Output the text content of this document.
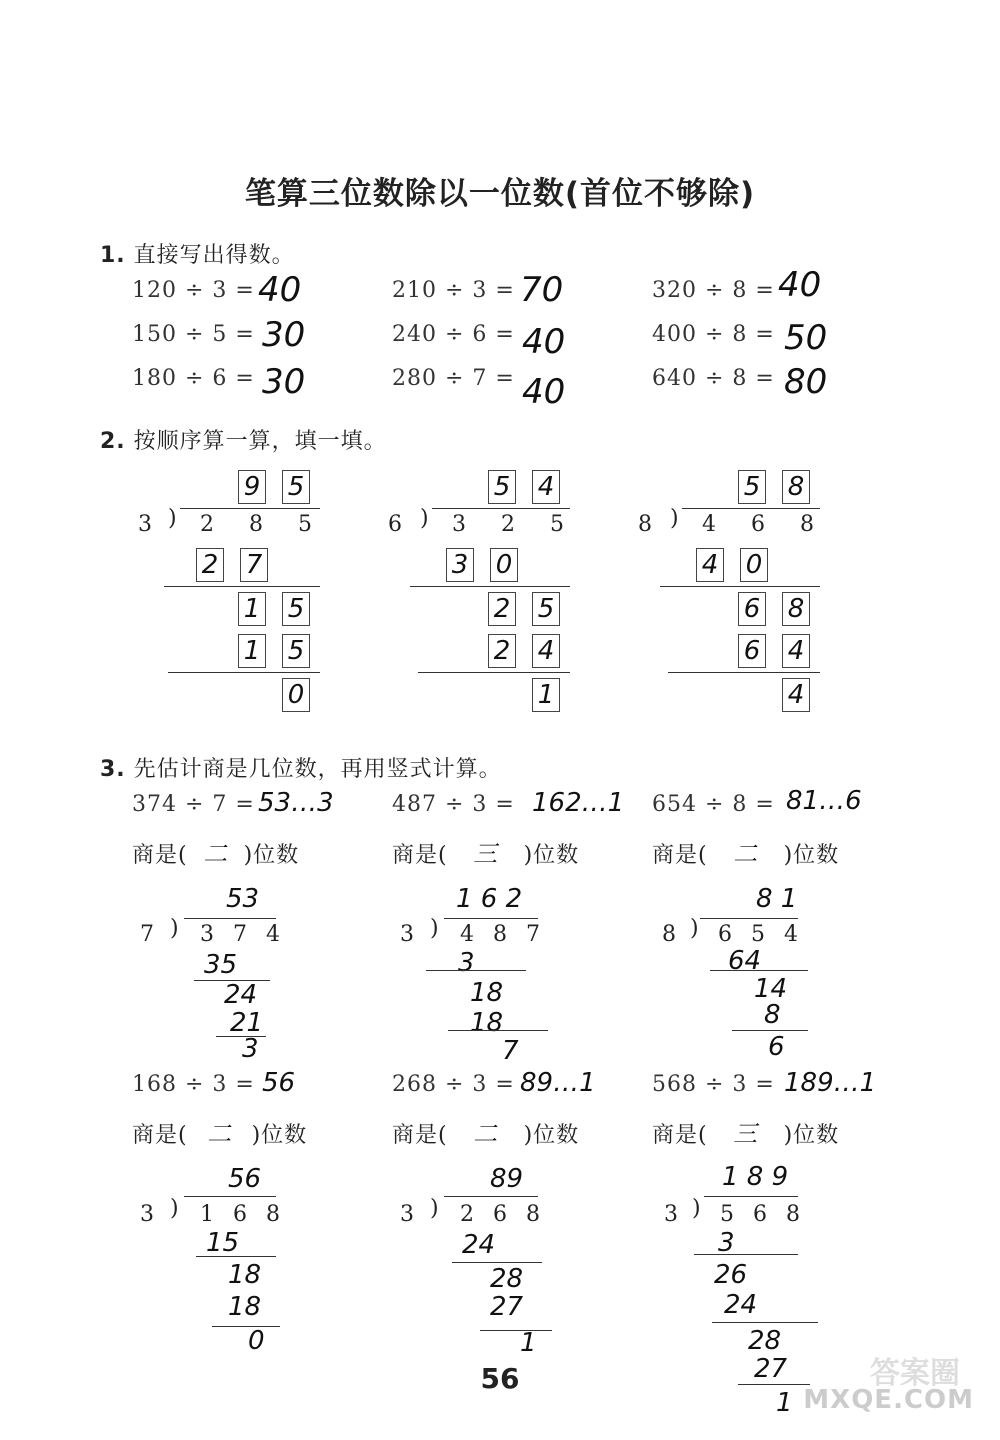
笔算三位数除以一位数(首位不够除)
1. 直接写出得数。
120 ÷ 3 = 40	210 ÷ 3 = 70	320 ÷ 8 = 40
150 ÷ 5 = 30	240 ÷ 6 = 40	400 ÷ 8 = 50
180 ÷ 6 = 30	280 ÷ 7 = 40	640 ÷ 8 = 80
2. 按顺序算一算，填一填。
9 5
3 ) 2 8 5
2 7
1 5
1 5
0
5 4
6 ) 3 2 5
3 0
2 5
2 4
1
5 8
8 ) 4 6 8
4 0
6 8
6 4
4
3. 先估计商是几位数，再用竖式计算。
374 ÷ 7 = 53…3	487 ÷ 3 = 162…1 654 ÷ 8 = 81…6
商是( 二 )位数	商是( 三 )位数	商是( 二 )位数
53
7 ) 3 7 4
35
24
21
3
1 6 2
3 ) 4 8 7
3
18
18
7
8 1
8 ) 6 5 4
64
14
8
6
168 ÷ 3 = 56	268 ÷ 3 = 89…1	568 ÷ 3 = 189…1
商是( 二 )位数	商是( 二 )位数	商是( 三 )位数
56
3 ) 1 6 8
15
18
18
0
89
3 ) 2 6 8
24
28
27
1
1 8 9
3 ) 5 6 8
3
26
24
28
27
1
56	答案圈
MXQE.COM
